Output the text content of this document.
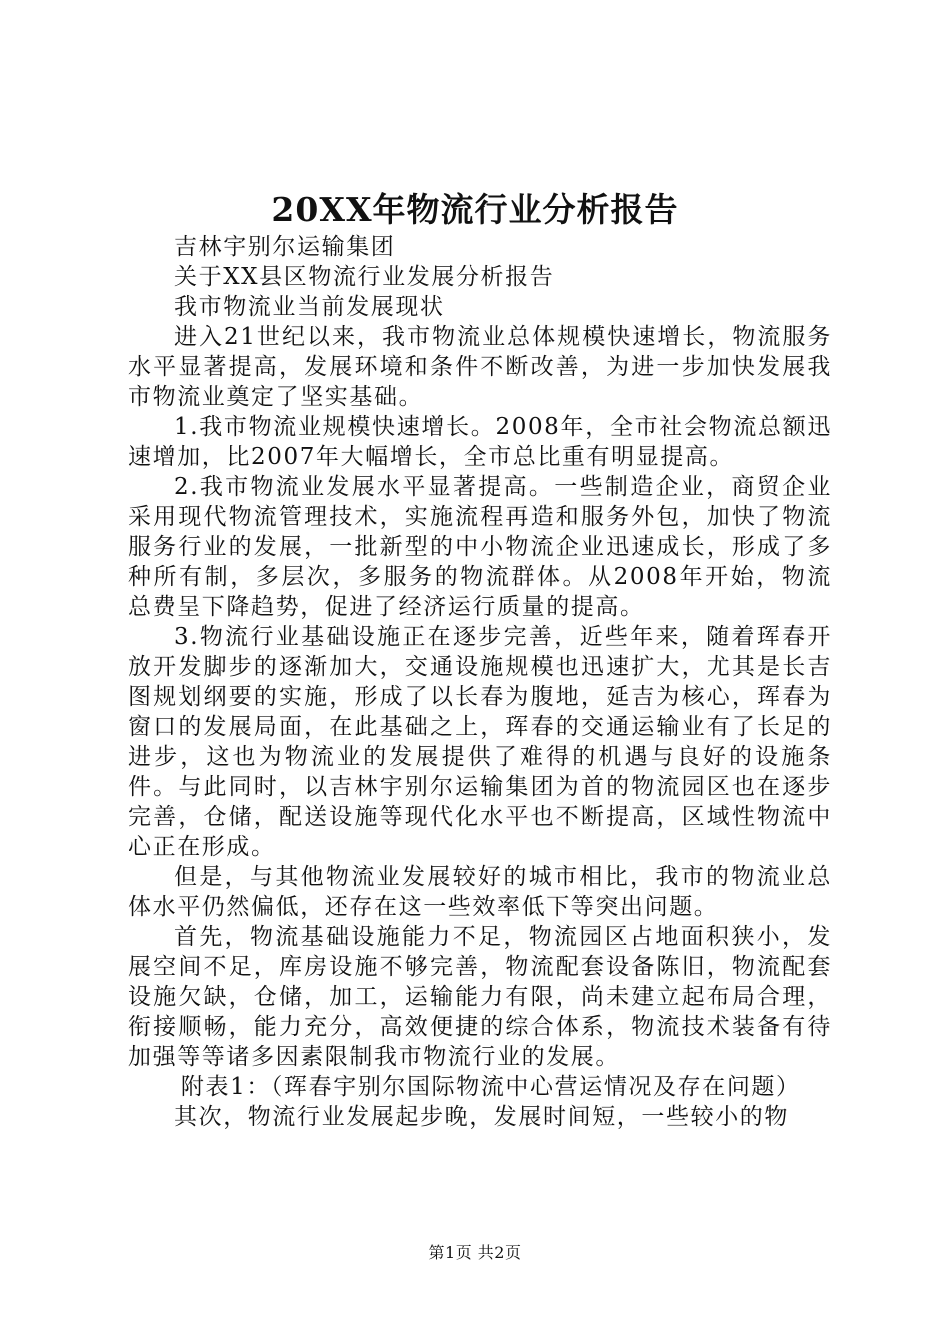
20XX年物流行业分析报告

吉林宇别尔运输集团

关于XX县区物流行业发展分析报告

我市物流业当前发展现状

进入21世纪以来，我市物流业总体规模快速增长，物流服务水平显著提高，发展环境和条件不断改善，为进一步加快发展我市物流业奠定了坚实基础。

1.我市物流业规模快速增长。2008年，全市社会物流总额迅速增加，比2007年大幅增长，全市总比重有明显提高。

2.我市物流业发展水平显著提高。一些制造企业，商贸企业采用现代物流管理技术，实施流程再造和服务外包，加快了物流服务行业的发展，一批新型的中小物流企业迅速成长，形成了多种所有制，多层次，多服务的物流群体。从2008年开始，物流总费呈下降趋势，促进了经济运行质量的提高。

3.物流行业基础设施正在逐步完善，近些年来，随着珲春开放开发脚步的逐渐加大，交通设施规模也迅速扩大，尤其是长吉图规划纲要的实施，形成了以长春为腹地，延吉为核心，珲春为窗口的发展局面，在此基础之上，珲春的交通运输业有了长足的进步，这也为物流业的发展提供了难得的机遇与良好的设施条件。与此同时，以吉林宇别尔运输集团为首的物流园区也在逐步完善，仓储，配送设施等现代化水平也不断提高，区域性物流中心正在形成。

但是，与其他物流业发展较好的城市相比，我市的物流业总体水平仍然偏低，还存在这一些效率低下等突出问题。

首先，物流基础设施能力不足，物流园区占地面积狭小，发展空间不足，库房设施不够完善，物流配套设备陈旧，物流配套设施欠缺，仓储，加工，运输能力有限，尚未建立起布局合理，衔接顺畅，能力充分，高效便捷的综合体系，物流技术装备有待加强等等诸多因素限制我市物流行业的发展。

附表1：（珲春宇别尔国际物流中心营运情况及存在问题）

其次，物流行业发展起步晚，发展时间短，一些较小的物

第1页 共2页
